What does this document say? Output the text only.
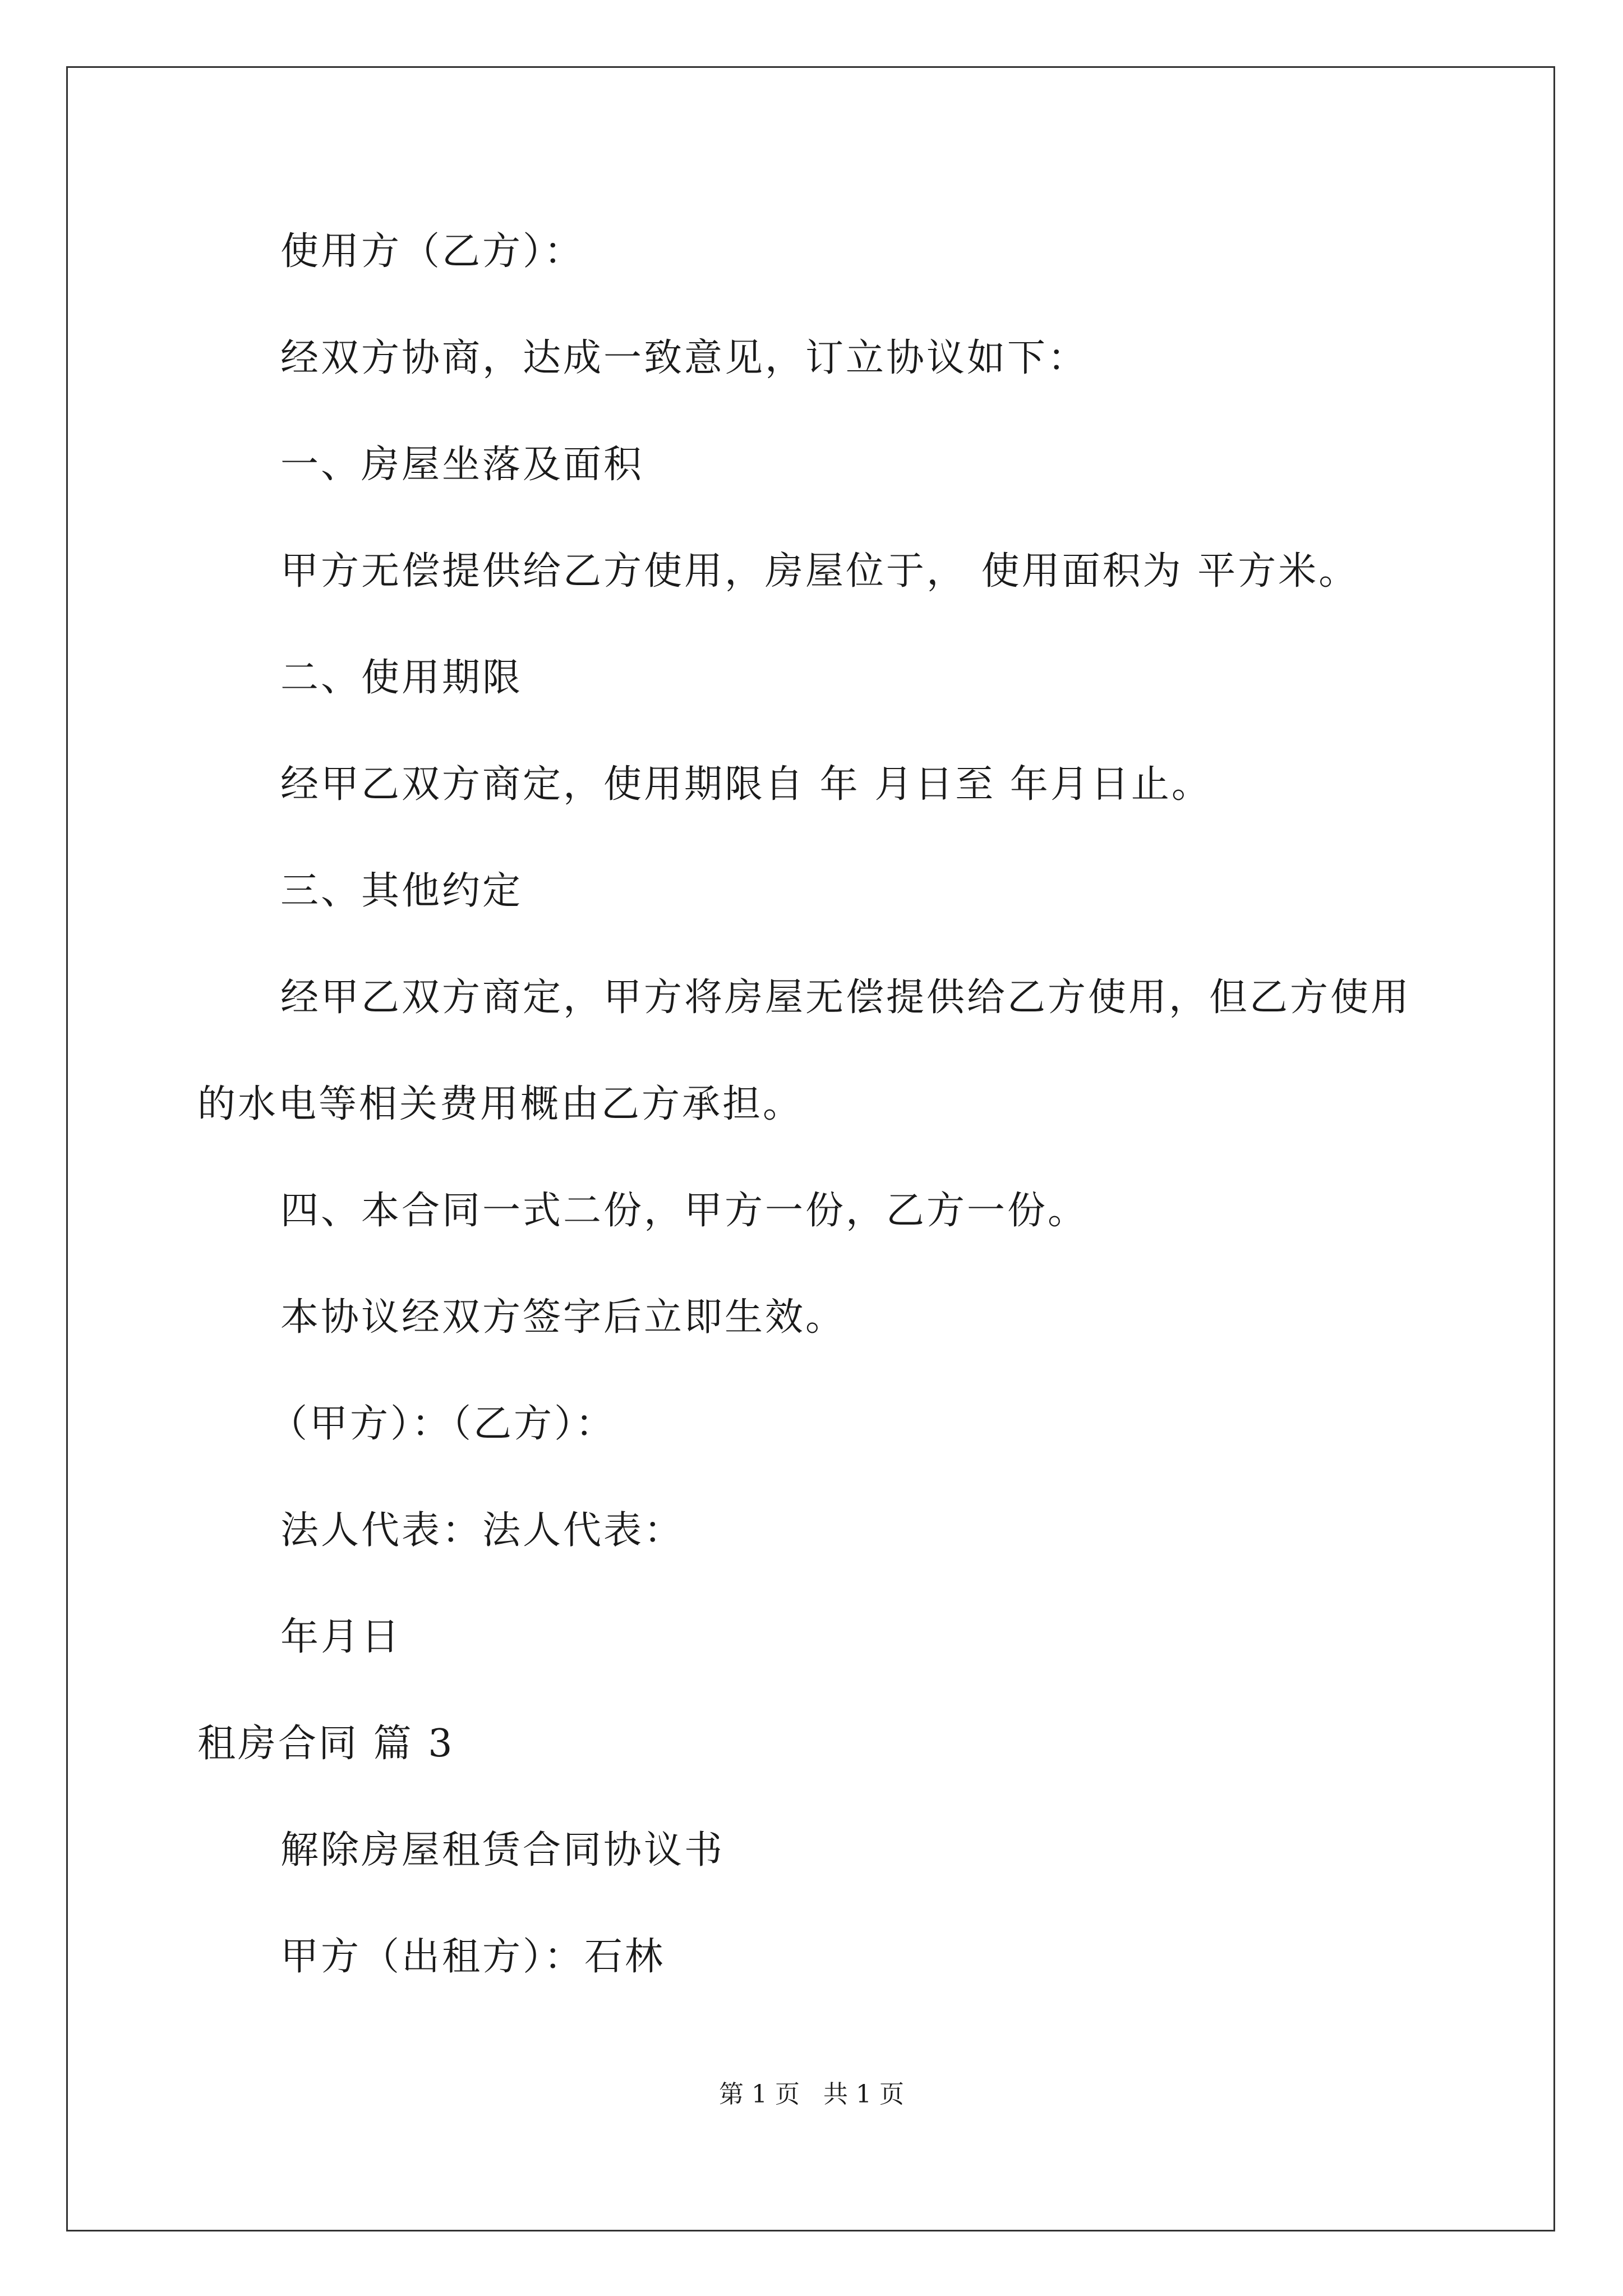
使用方（乙方）：
经双方协商，达成一致意见，订立协议如下：
一、房屋坐落及面积
甲方无偿提供给乙方使用，房屋位于， 使用面积为 平方米。
二、使用期限
经甲乙双方商定，使用期限自 年 月日至 年月日止。
三、其他约定
经甲乙双方商定，甲方将房屋无偿提供给乙方使用，但乙方使用
的水电等相关费用概由乙方承担。
四、本合同一式二份，甲方一份，乙方一份。
本协议经双方签字后立即生效。
（甲方）：（乙方）：
法人代表：法人代表：
年月日
租房合同 篇 3
解除房屋租赁合同协议书
甲方（出租方）：石林
第 1 页   共 1 页
